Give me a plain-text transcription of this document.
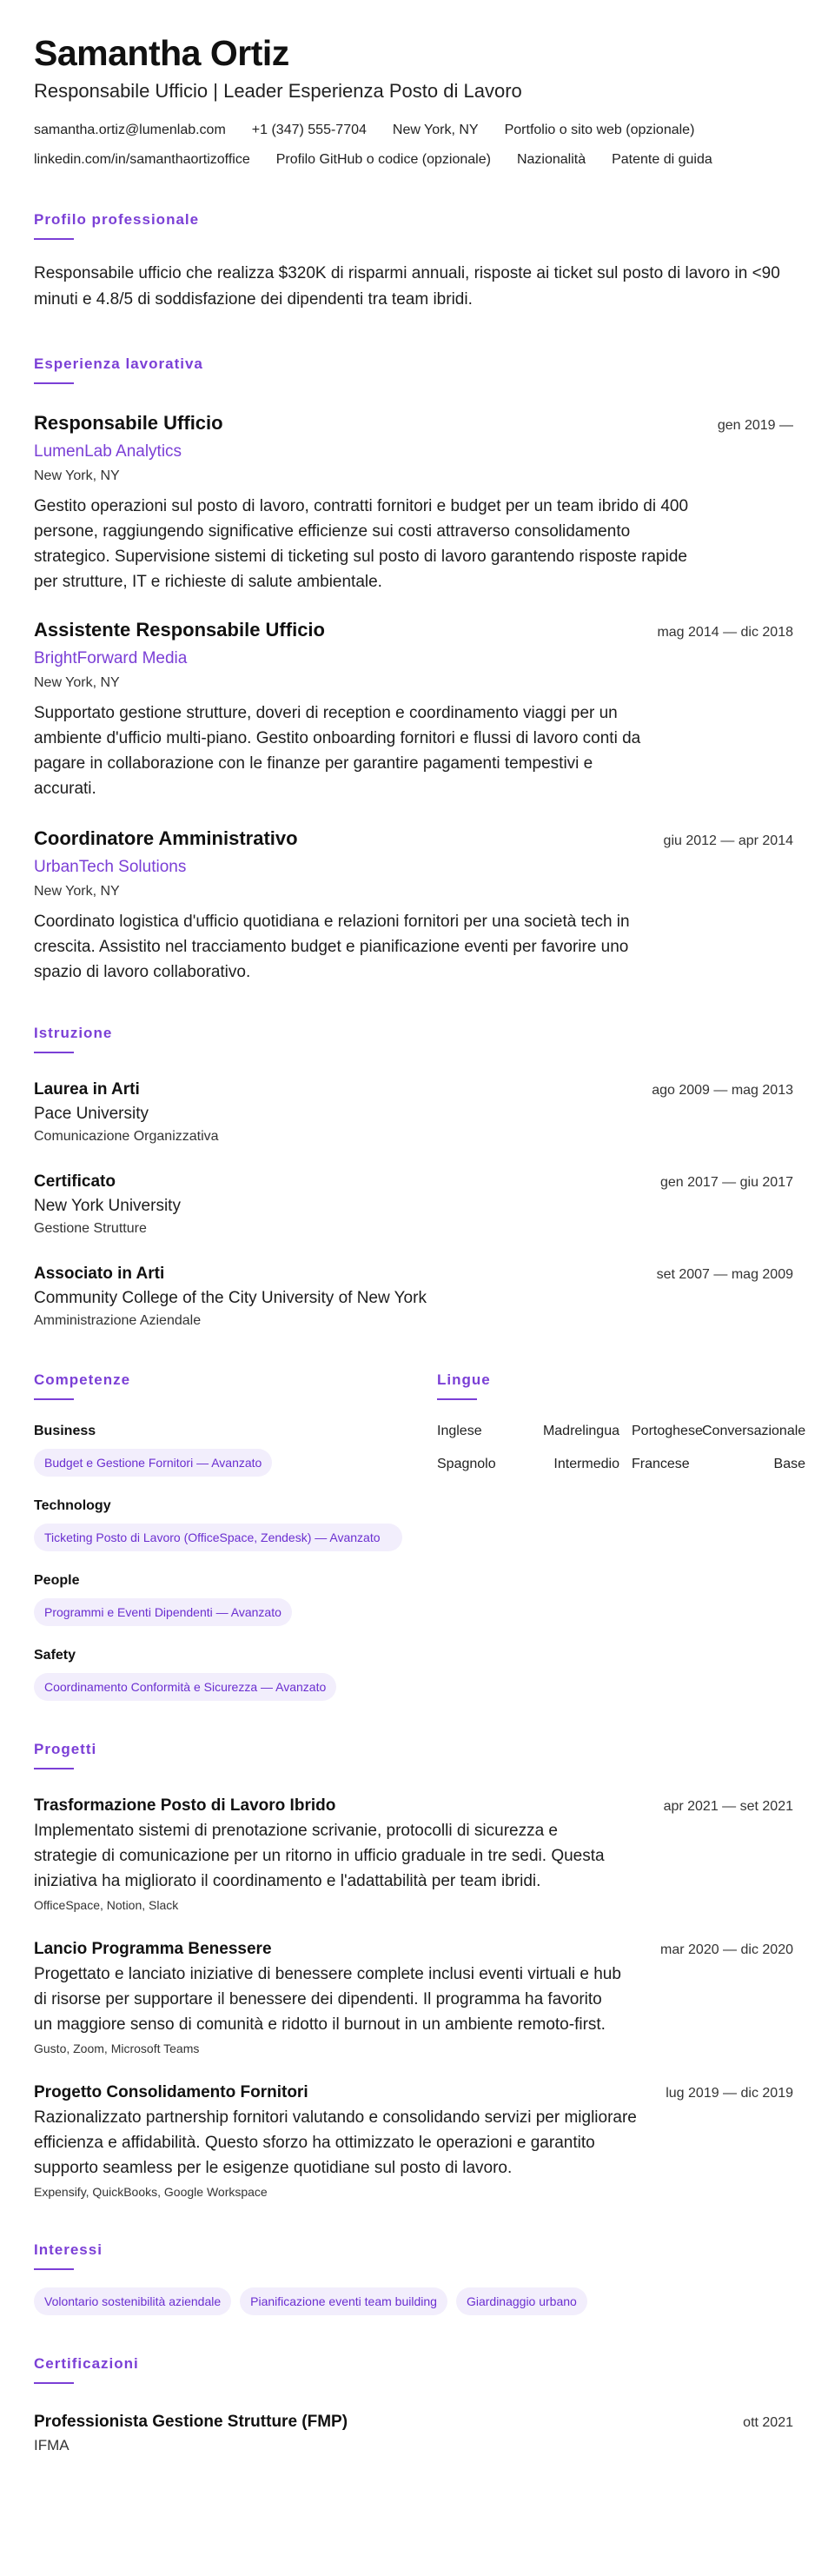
Samantha Ortiz
Responsabile Ufficio | Leader Esperienza Posto di Lavoro
samantha.ortiz@lumenlab.com +1 (347) 555-7704 New York, NY Portfolio o sito web (opzionale)
linkedin.com/in/samanthaortizoffice Profilo GitHub o codice (opzionale) Nazionalità Patente di guida
Profilo professionale

Responsabile ufficio che realizza $320K di risparmi annuali, risposte ai ticket sul posto di lavoro in <90 minuti e 4.8/5 di soddisfazione dei dipendenti tra team ibridi.

Esperienza lavorativa
Responsabile Ufficio	gen 2019 —
LumenLab Analytics
New York, NY

Gestito operazioni sul posto di lavoro, contratti fornitori e budget per un team ibrido di 400 persone, raggiungendo significative efficienze sui costi attraverso consolidamento strategico. Supervisione sistemi di ticketing sul posto di lavoro garantendo risposte rapide per strutture, IT e richieste di salute ambientale.

Assistente Responsabile Ufficio	mag 2014 — dic 2018
BrightForward Media
New York, NY

Supportato gestione strutture, doveri di reception e coordinamento viaggi per un ambiente d'ufficio multi-piano. Gestito onboarding fornitori e flussi di lavoro conti da pagare in collaborazione con le finanze per garantire pagamenti tempestivi e accurati.

Coordinatore Amministrativo	giu 2012 — apr 2014
UrbanTech Solutions
New York, NY

Coordinato logistica d'ufficio quotidiana e relazioni fornitori per una società tech in crescita. Assistito nel tracciamento budget e pianificazione eventi per favorire uno spazio di lavoro collaborativo.

Istruzione
Laurea in Arti	ago 2009 — mag 2013
Pace University
Comunicazione Organizzativa
Certificato	gen 2017 — giu 2017
New York University
Gestione Strutture
Associato in Arti	set 2007 — mag 2009
Community College of the City University of New York
Amministrazione Aziendale
Competenze
Business
Budget e Gestione Fornitori — Avanzato
Technology
Ticketing Posto di Lavoro (OfficeSpace, Zendesk) — Avanzato
People
Programmi e Eventi Dipendenti — Avanzato
Safety
Coordinamento Conformità e Sicurezza — Avanzato
Lingue
Inglese	Madrelingua Portoghese Conversazionale
Spagnolo	Intermedio Francese	Base
Progetti
Trasformazione Posto di Lavoro Ibrido	apr 2021 — set 2021

Implementato sistemi di prenotazione scrivanie, protocolli di sicurezza e strategie di comunicazione per un ritorno in ufficio graduale in tre sedi. Questa iniziativa ha migliorato il coordinamento e l'adattabilità per team ibridi.

OfficeSpace, Notion, Slack
Lancio Programma Benessere	mar 2020 — dic 2020

Progettato e lanciato iniziative di benessere complete inclusi eventi virtuali e hub di risorse per supportare il benessere dei dipendenti. Il programma ha favorito un maggiore senso di comunità e ridotto il burnout in un ambiente remoto-first.

Gusto, Zoom, Microsoft Teams
Progetto Consolidamento Fornitori	lug 2019 — dic 2019

Razionalizzato partnership fornitori valutando e consolidando servizi per migliorare efficienza e affidabilità. Questo sforzo ha ottimizzato le operazioni e garantito supporto seamless per le esigenze quotidiane sul posto di lavoro.

Expensify, QuickBooks, Google Workspace
Interessi
Volontario sostenibilità aziendale	Pianificazione eventi team building	Giardinaggio urbano
Certificazioni
Professionista Gestione Strutture (FMP)	ott 2021
IFMA
